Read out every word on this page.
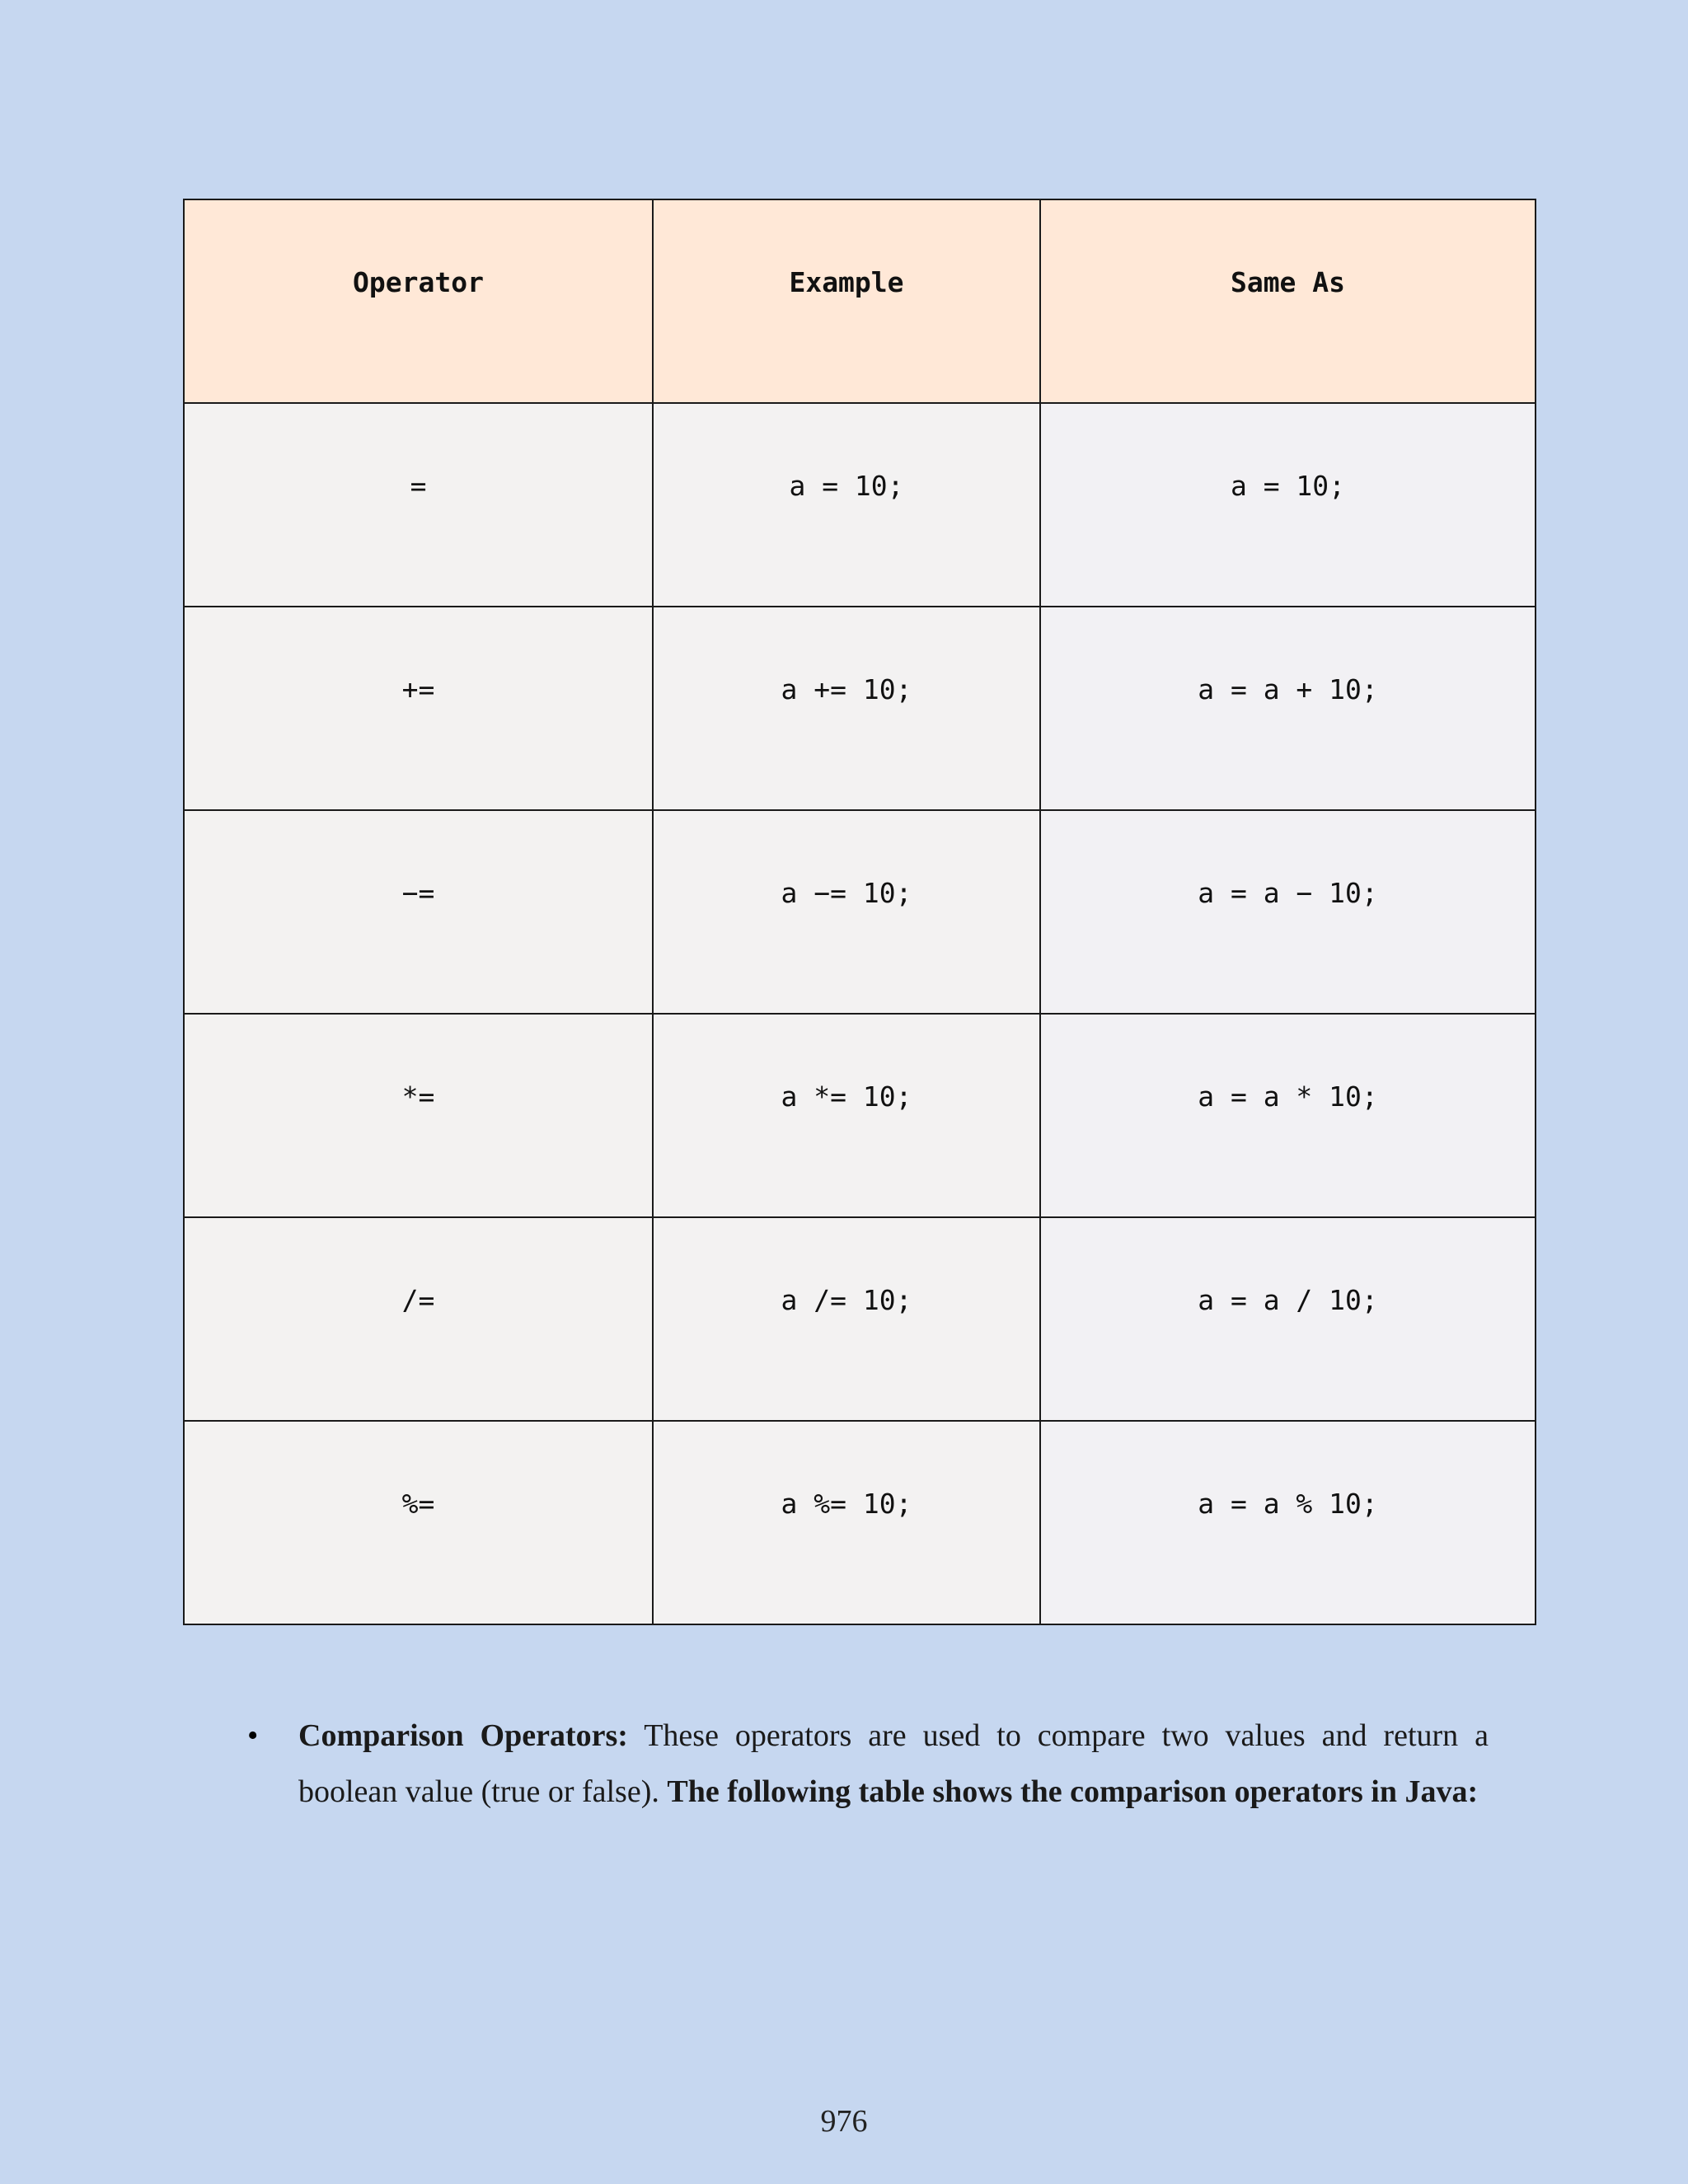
Operator	Example	Same As
=	a = 10;	a = 10;
+=	a += 10;	a = a + 10;
−=	a −= 10;	a = a − 10;
*=	a *= 10;	a = a * 10;
/=	a /= 10;	a = a / 10;
%=	a %= 10;	a = a % 10;
• Comparison Operators: These operators are used to compare two values and return a boolean value (true or false). The following table shows the comparison operators in Java:
976
